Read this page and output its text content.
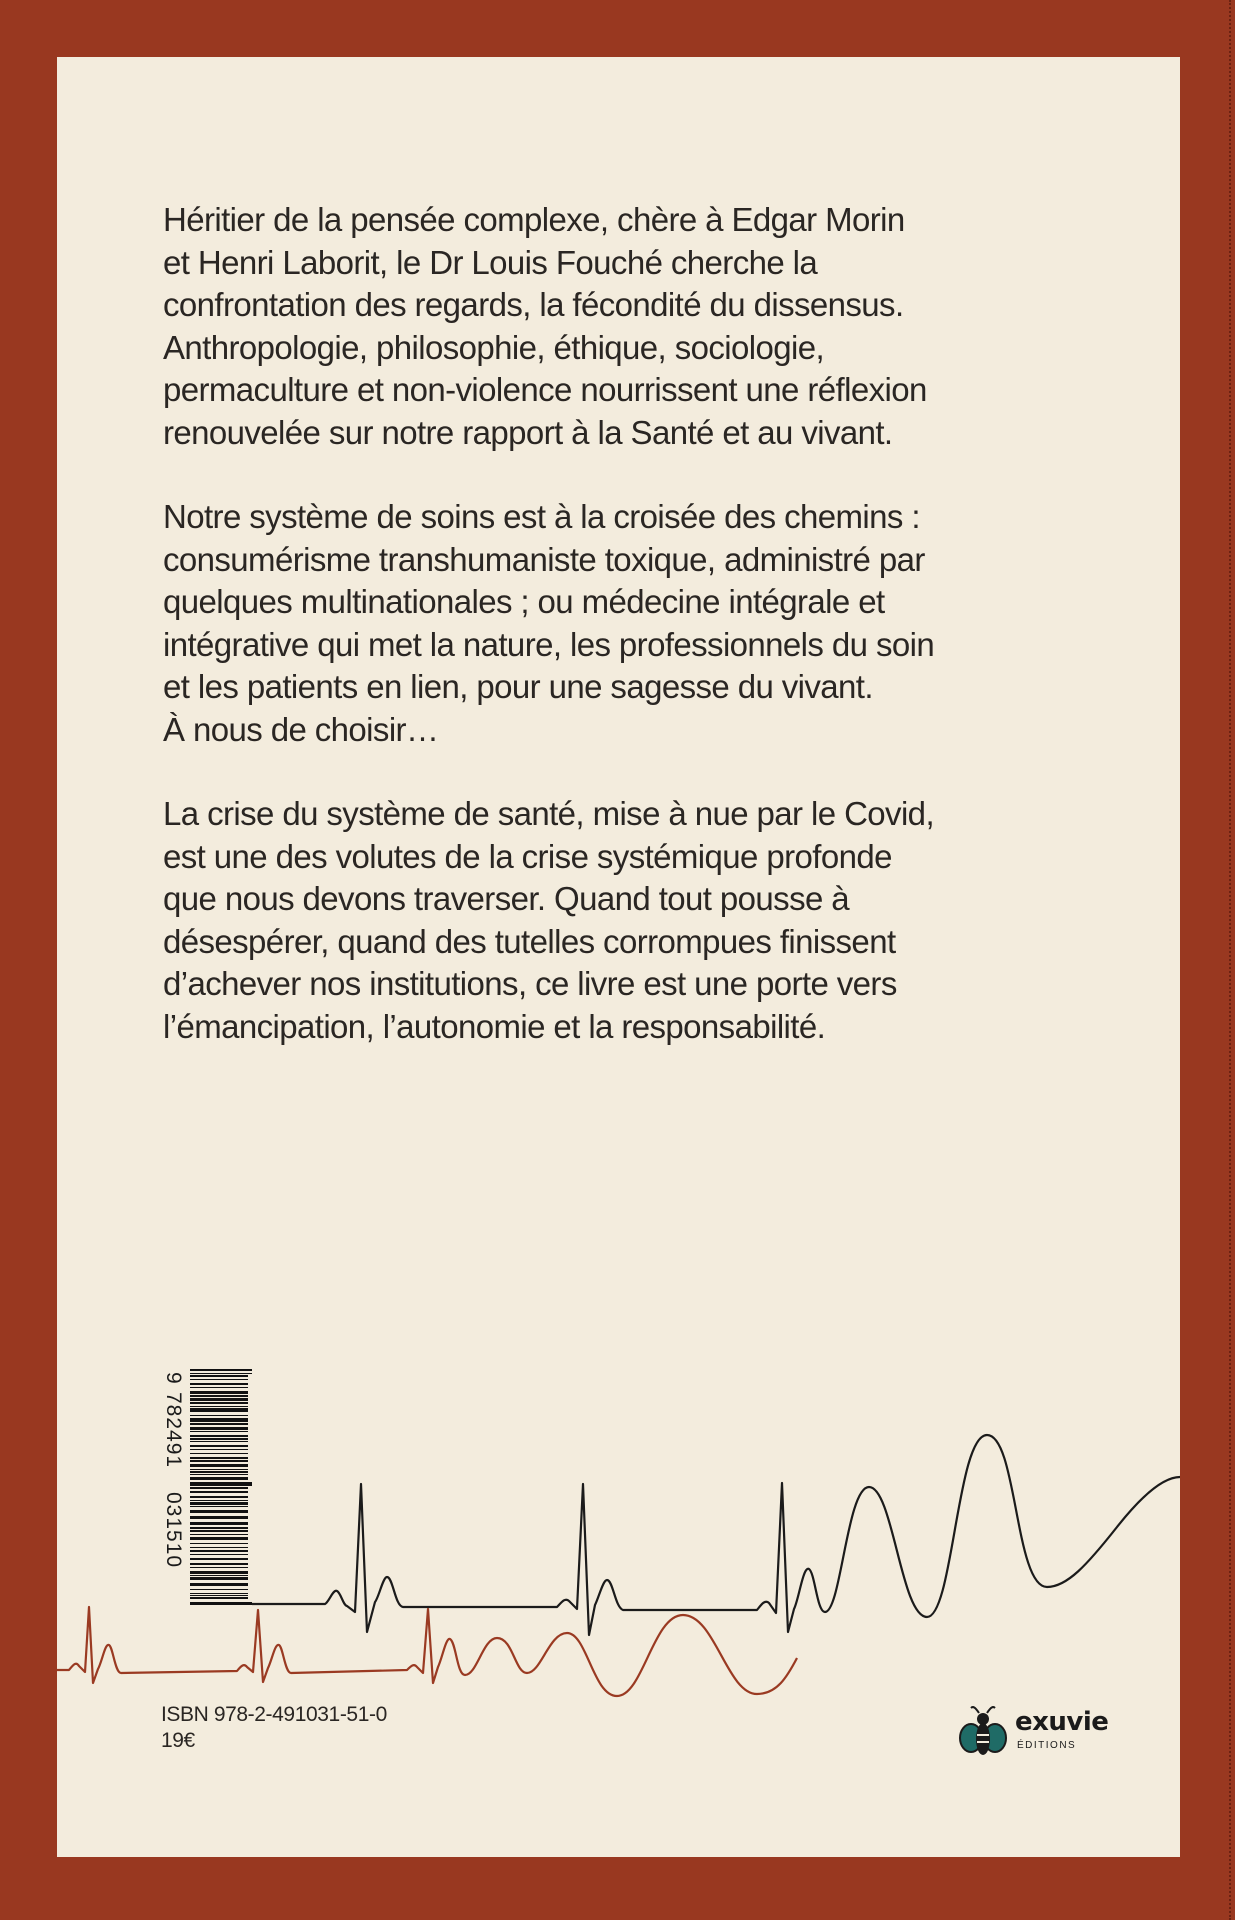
Héritier de la pensée complexe, chère à Edgar Morin
et Henri Laborit, le Dr Louis Fouché cherche la
confrontation des regards, la fécondité du dissensus.
Anthropologie, philosophie, éthique, sociologie,
permaculture et non-violence nourrissent une réflexion
renouvelée sur notre rapport à la Santé et au vivant.

Notre système de soins est à la croisée des chemins :
consumérisme transhumaniste toxique, administré par
quelques multinationales ; ou médecine intégrale et
intégrative qui met la nature, les professionnels du soin
et les patients en lien, pour une sagesse du vivant.
À nous de choisir…

La crise du système de santé, mise à nue par le Covid,
est une des volutes de la crise systémique profonde
que nous devons traverser. Quand tout pousse à
désespérer, quand des tutelles corrompues finissent
d’achever nos institutions, ce livre est une porte vers
l’émancipation, l’autonomie et la responsabilité.

9
782491
031510
ISBN 978-2-491031-51-0
19€
exuvie
ÉDITIONS
